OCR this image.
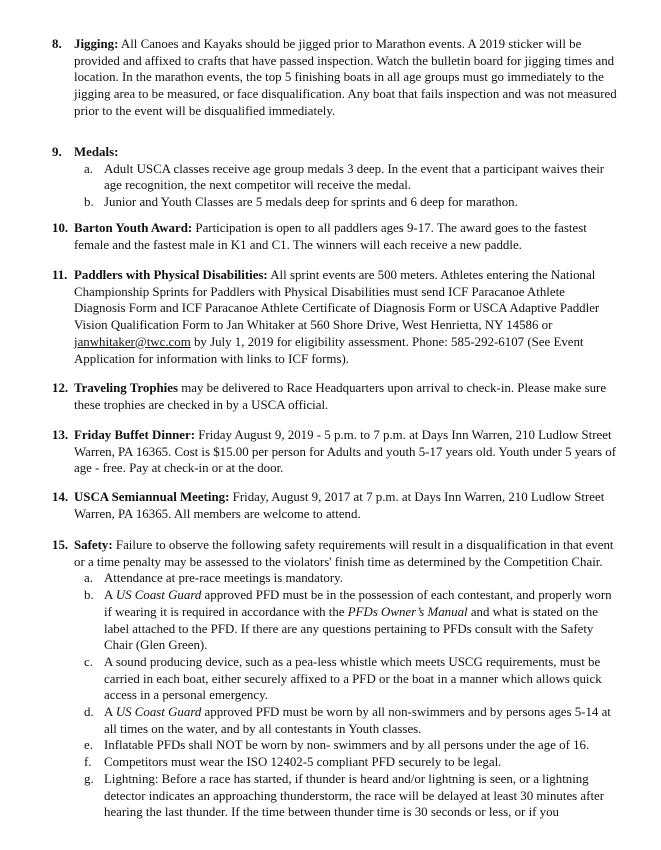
8. Jigging: All Canoes and Kayaks should be jigged prior to Marathon events. A 2019 sticker will be provided and affixed to crafts that have passed inspection. Watch the bulletin board for jigging times and location. In the marathon events, the top 5 finishing boats in all age groups must go immediately to the jigging area to be measured, or face disqualification. Any boat that fails inspection and was not measured prior to the event will be disqualified immediately.
9. Medals:
a. Adult USCA classes receive age group medals 3 deep. In the event that a participant waives their age recognition, the next competitor will receive the medal.
b. Junior and Youth Classes are 5 medals deep for sprints and 6 deep for marathon.
10. Barton Youth Award: Participation is open to all paddlers ages 9-17. The award goes to the fastest female and the fastest male in K1 and C1. The winners will each receive a new paddle.
11. Paddlers with Physical Disabilities: All sprint events are 500 meters. Athletes entering the National Championship Sprints for Paddlers with Physical Disabilities must send ICF Paracanoe Athlete Diagnosis Form and ICF Paracanoe Athlete Certificate of Diagnosis Form or USCA Adaptive Paddler Vision Qualification Form to Jan Whitaker at 560 Shore Drive, West Henrietta, NY 14586 or janwhitaker@twc.com by July 1, 2019 for eligibility assessment. Phone: 585-292-6107 (See Event Application for information with links to ICF forms).
12. Traveling Trophies may be delivered to Race Headquarters upon arrival to check-in. Please make sure these trophies are checked in by a USCA official.
13. Friday Buffet Dinner: Friday August 9, 2019 - 5 p.m. to 7 p.m. at Days Inn Warren, 210 Ludlow Street Warren, PA 16365. Cost is $15.00 per person for Adults and youth 5-17 years old. Youth under 5 years of age - free. Pay at check-in or at the door.
14. USCA Semiannual Meeting: Friday, August 9, 2017 at 7 p.m. at Days Inn Warren, 210 Ludlow Street Warren, PA 16365. All members are welcome to attend.
15. Safety: Failure to observe the following safety requirements will result in a disqualification in that event or a time penalty may be assessed to the violators' finish time as determined by the Competition Chair.
a. Attendance at pre-race meetings is mandatory.
b. A US Coast Guard approved PFD must be in the possession of each contestant, and properly worn if wearing it is required in accordance with the PFDs Owner’s Manual and what is stated on the label attached to the PFD. If there are any questions pertaining to PFDs consult with the Safety Chair (Glen Green).
c. A sound producing device, such as a pea-less whistle which meets USCG requirements, must be carried in each boat, either securely affixed to a PFD or the boat in a manner which allows quick access in a personal emergency.
d. A US Coast Guard approved PFD must be worn by all non-swimmers and by persons ages 5-14 at all times on the water, and by all contestants in Youth classes.
e. Inflatable PFDs shall NOT be worn by non- swimmers and by all persons under the age of 16.
f. Competitors must wear the ISO 12402-5 compliant PFD securely to be legal.
g. Lightning: Before a race has started, if thunder is heard and/or lightning is seen, or a lightning detector indicates an approaching thunderstorm, the race will be delayed at least 30 minutes after hearing the last thunder. If the time between thunder time is 30 seconds or less, or if you
